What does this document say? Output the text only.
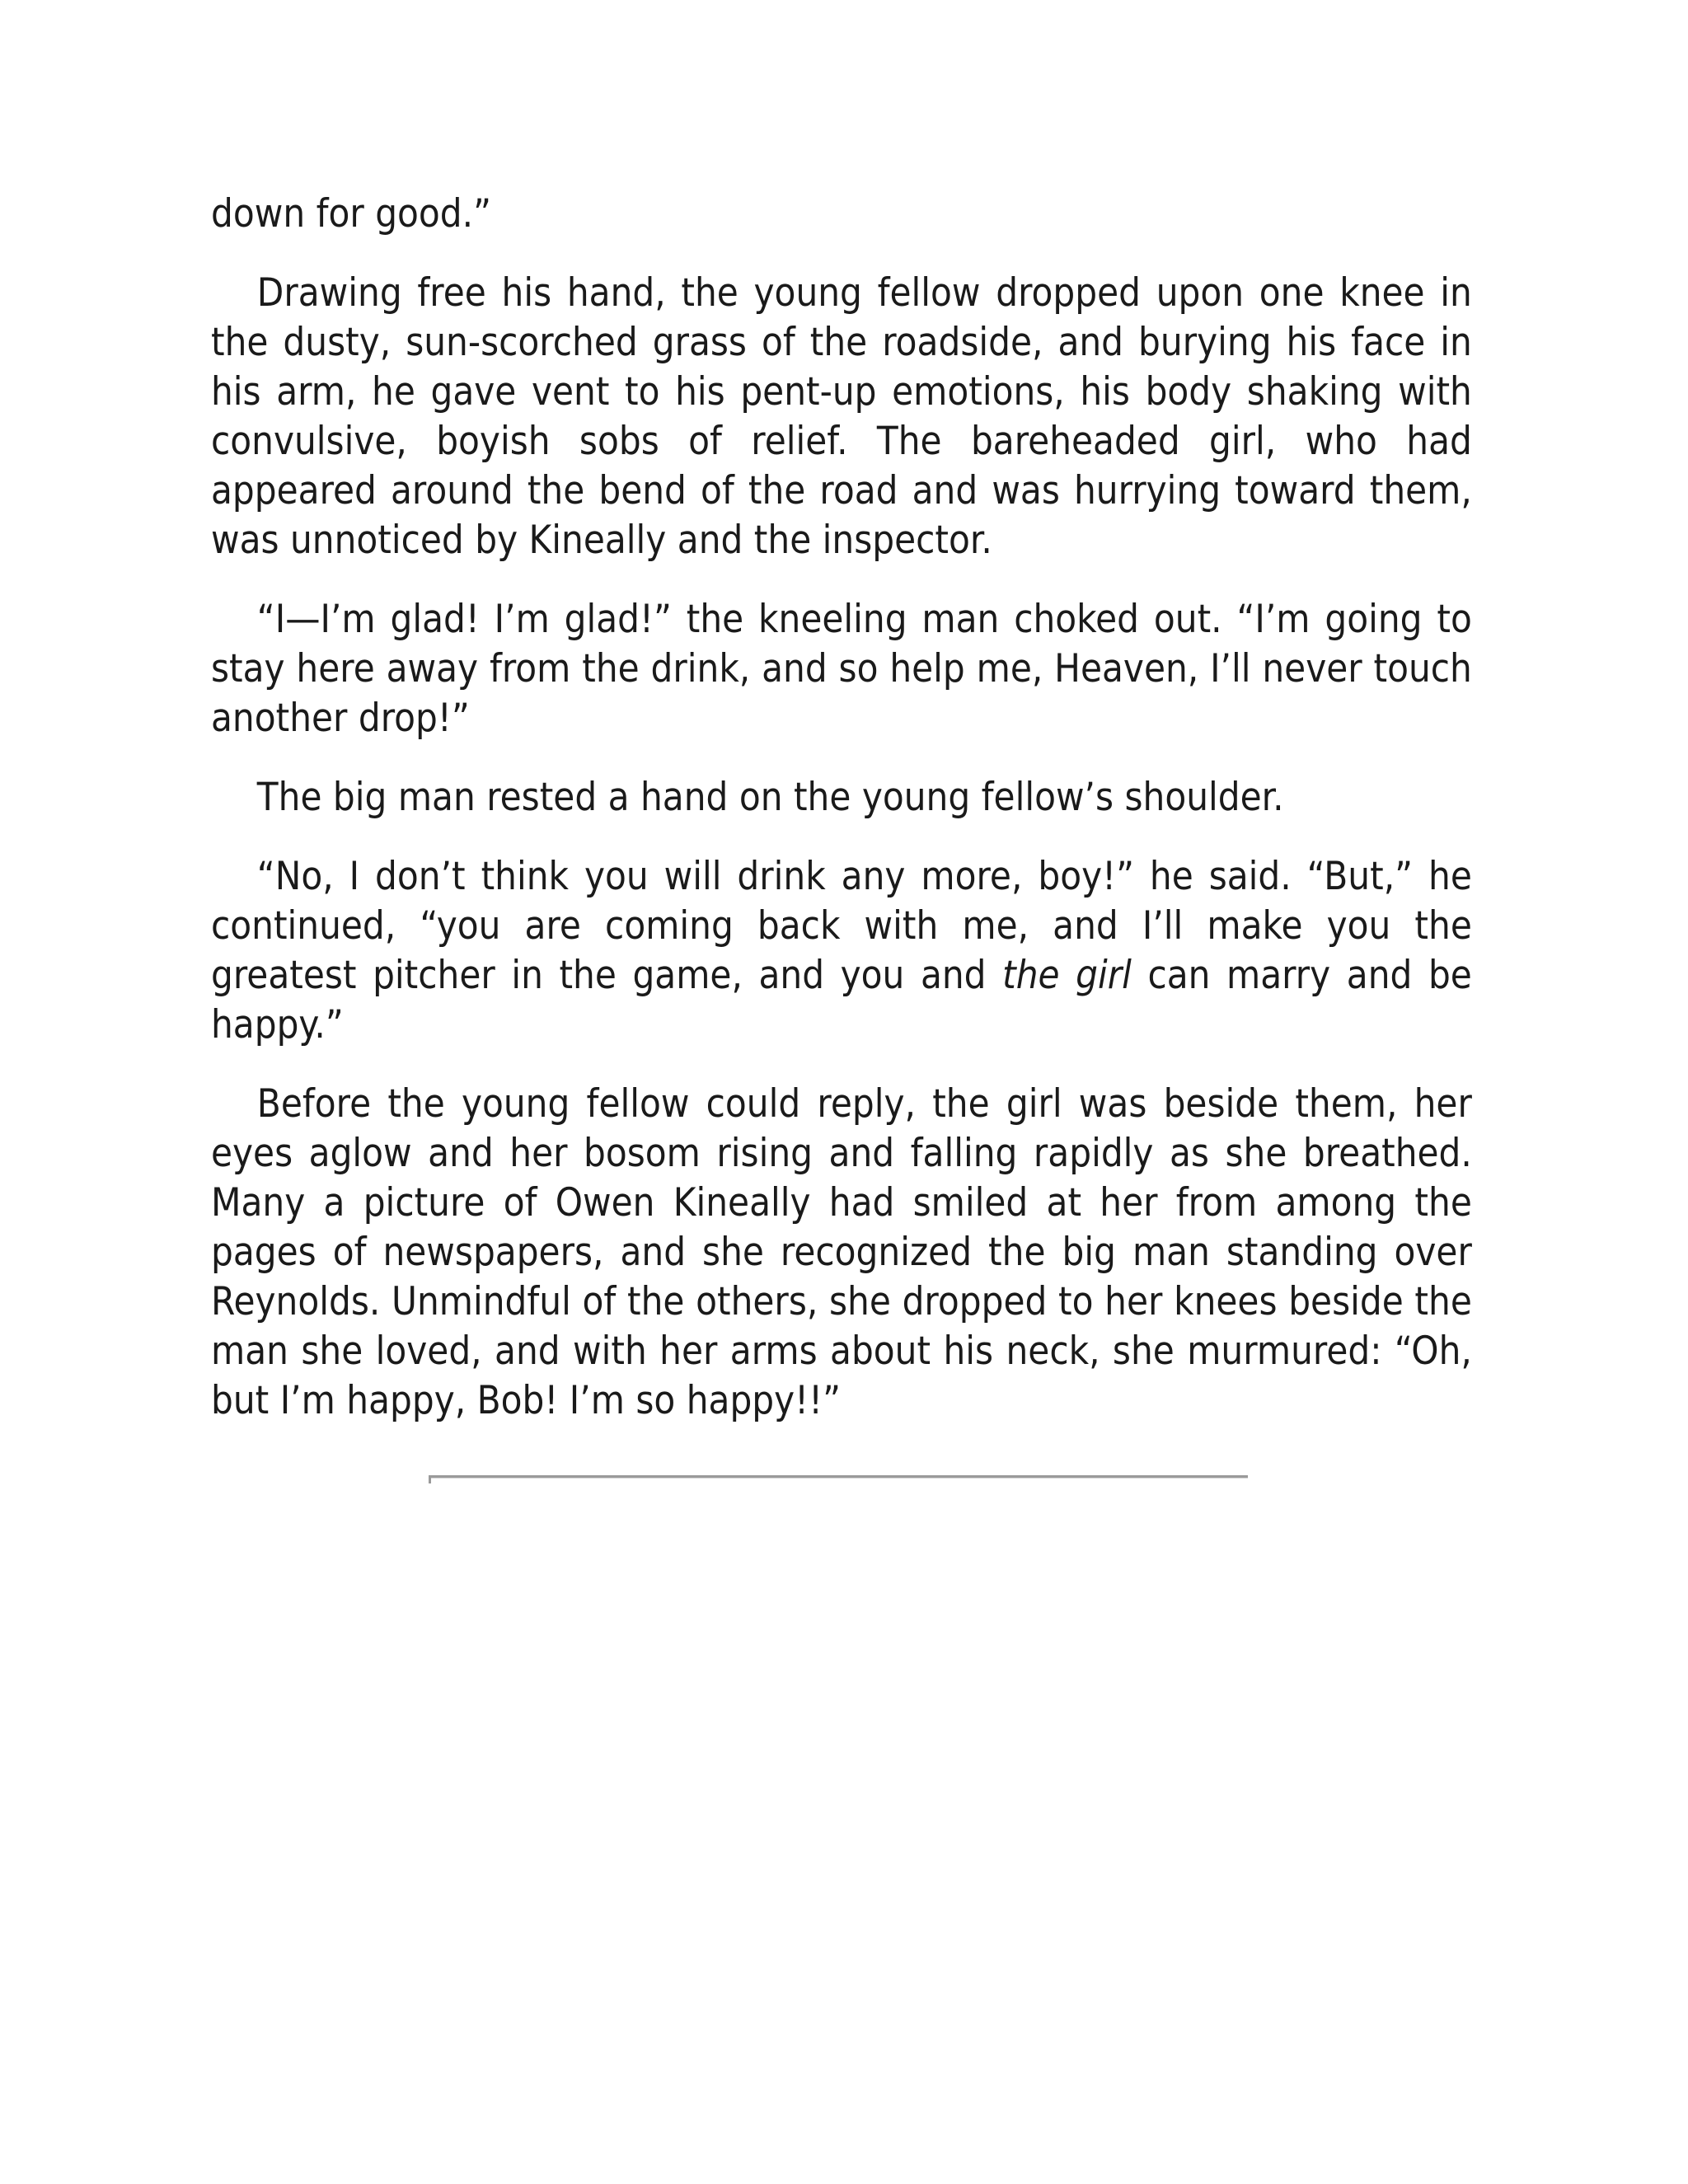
down for good.”

Drawing free his hand, the young fellow dropped upon one knee in the dusty, sun-scorched grass of the roadside, and burying his face in his arm, he gave vent to his pent-up emotions, his body shaking with convulsive, boyish sobs of relief. The bareheaded girl, who had appeared around the bend of the road and was hurrying toward them, was unnoticed by Kineally and the inspector.

“I—I’m glad! I’m glad!” the kneeling man choked out. “I’m going to stay here away from the drink, and so help me, Heaven, I’ll never touch another drop!”

The big man rested a hand on the young fellow’s shoulder.

“No, I don’t think you will drink any more, boy!” he said. “But,” he continued, “you are coming back with me, and I’ll make you the greatest pitcher in the game, and you and the girl can marry and be happy.”

Before the young fellow could reply, the girl was beside them, her eyes aglow and her bosom rising and falling rapidly as she breathed. Many a picture of Owen Kineally had smiled at her from among the pages of newspapers, and she recognized the big man standing over Reynolds. Unmindful of the others, she dropped to her knees beside the man she loved, and with her arms about his neck, she murmured: “Oh, but I’m happy, Bob! I’m so happy!!”
